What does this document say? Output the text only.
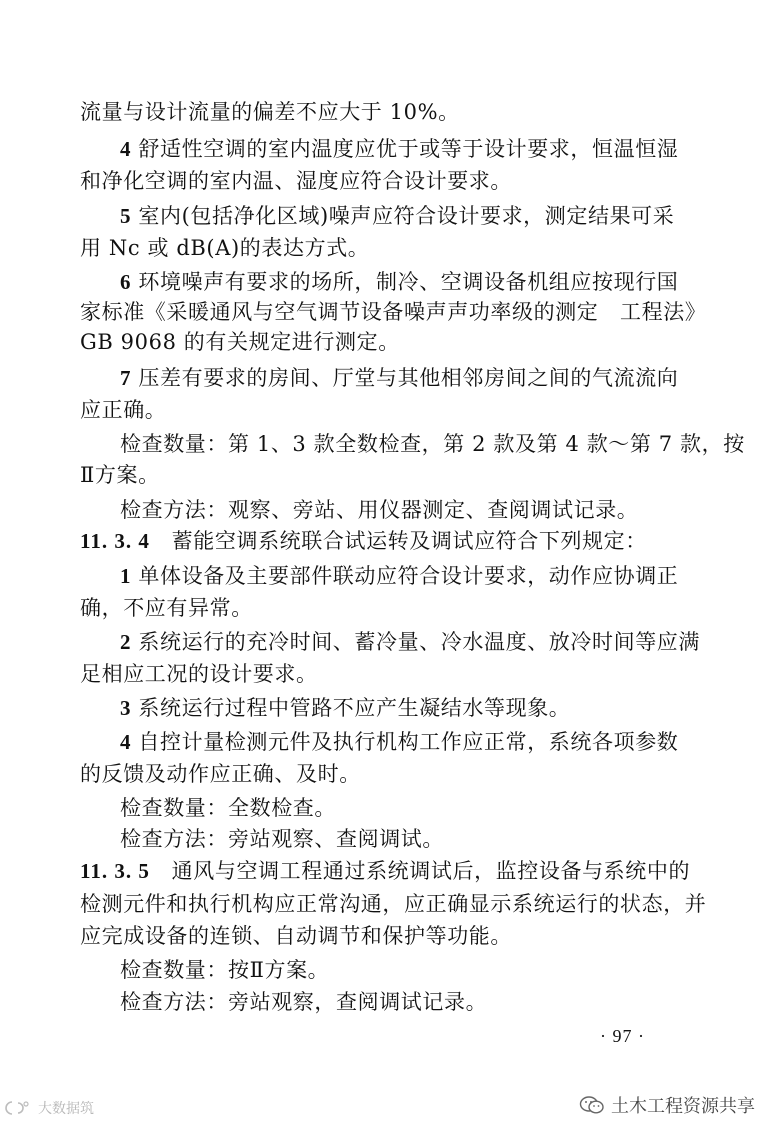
流量与设计流量的偏差不应大于 10%。
4 舒适性空调的室内温度应优于或等于设计要求，恒温恒湿
和净化空调的室内温、湿度应符合设计要求。
5 室内(包括净化区域)噪声应符合设计要求，测定结果可采
用 Nc 或 dB(A)的表达方式。
6 环境噪声有要求的场所，制冷、空调设备机组应按现行国
家标准《采暖通风与空气调节设备噪声声功率级的测定　工程法》
GB 9068 的有关规定进行测定。
7 压差有要求的房间、厅堂与其他相邻房间之间的气流流向
应正确。
检查数量：第 1、3 款全数检查，第 2 款及第 4 款～第 7 款，按
Ⅱ方案。
检查方法：观察、旁站、用仪器测定、查阅调试记录。
11. 3. 4 蓄能空调系统联合试运转及调试应符合下列规定：
1 单体设备及主要部件联动应符合设计要求，动作应协调正
确，不应有异常。
2 系统运行的充冷时间、蓄冷量、冷水温度、放冷时间等应满
足相应工况的设计要求。
3 系统运行过程中管路不应产生凝结水等现象。
4 自控计量检测元件及执行机构工作应正常，系统各项参数
的反馈及动作应正确、及时。
检查数量：全数检查。
检查方法：旁站观察、查阅调试。
11. 3. 5 通风与空调工程通过系统调试后，监控设备与系统中的
检测元件和执行机构应正常沟通，应正确显示系统运行的状态，并
应完成设备的连锁、自动调节和保护等功能。
检查数量：按Ⅱ方案。
检查方法：旁站观察，查阅调试记录。
· 97 ·
土木工程资源共享
大数据筑
